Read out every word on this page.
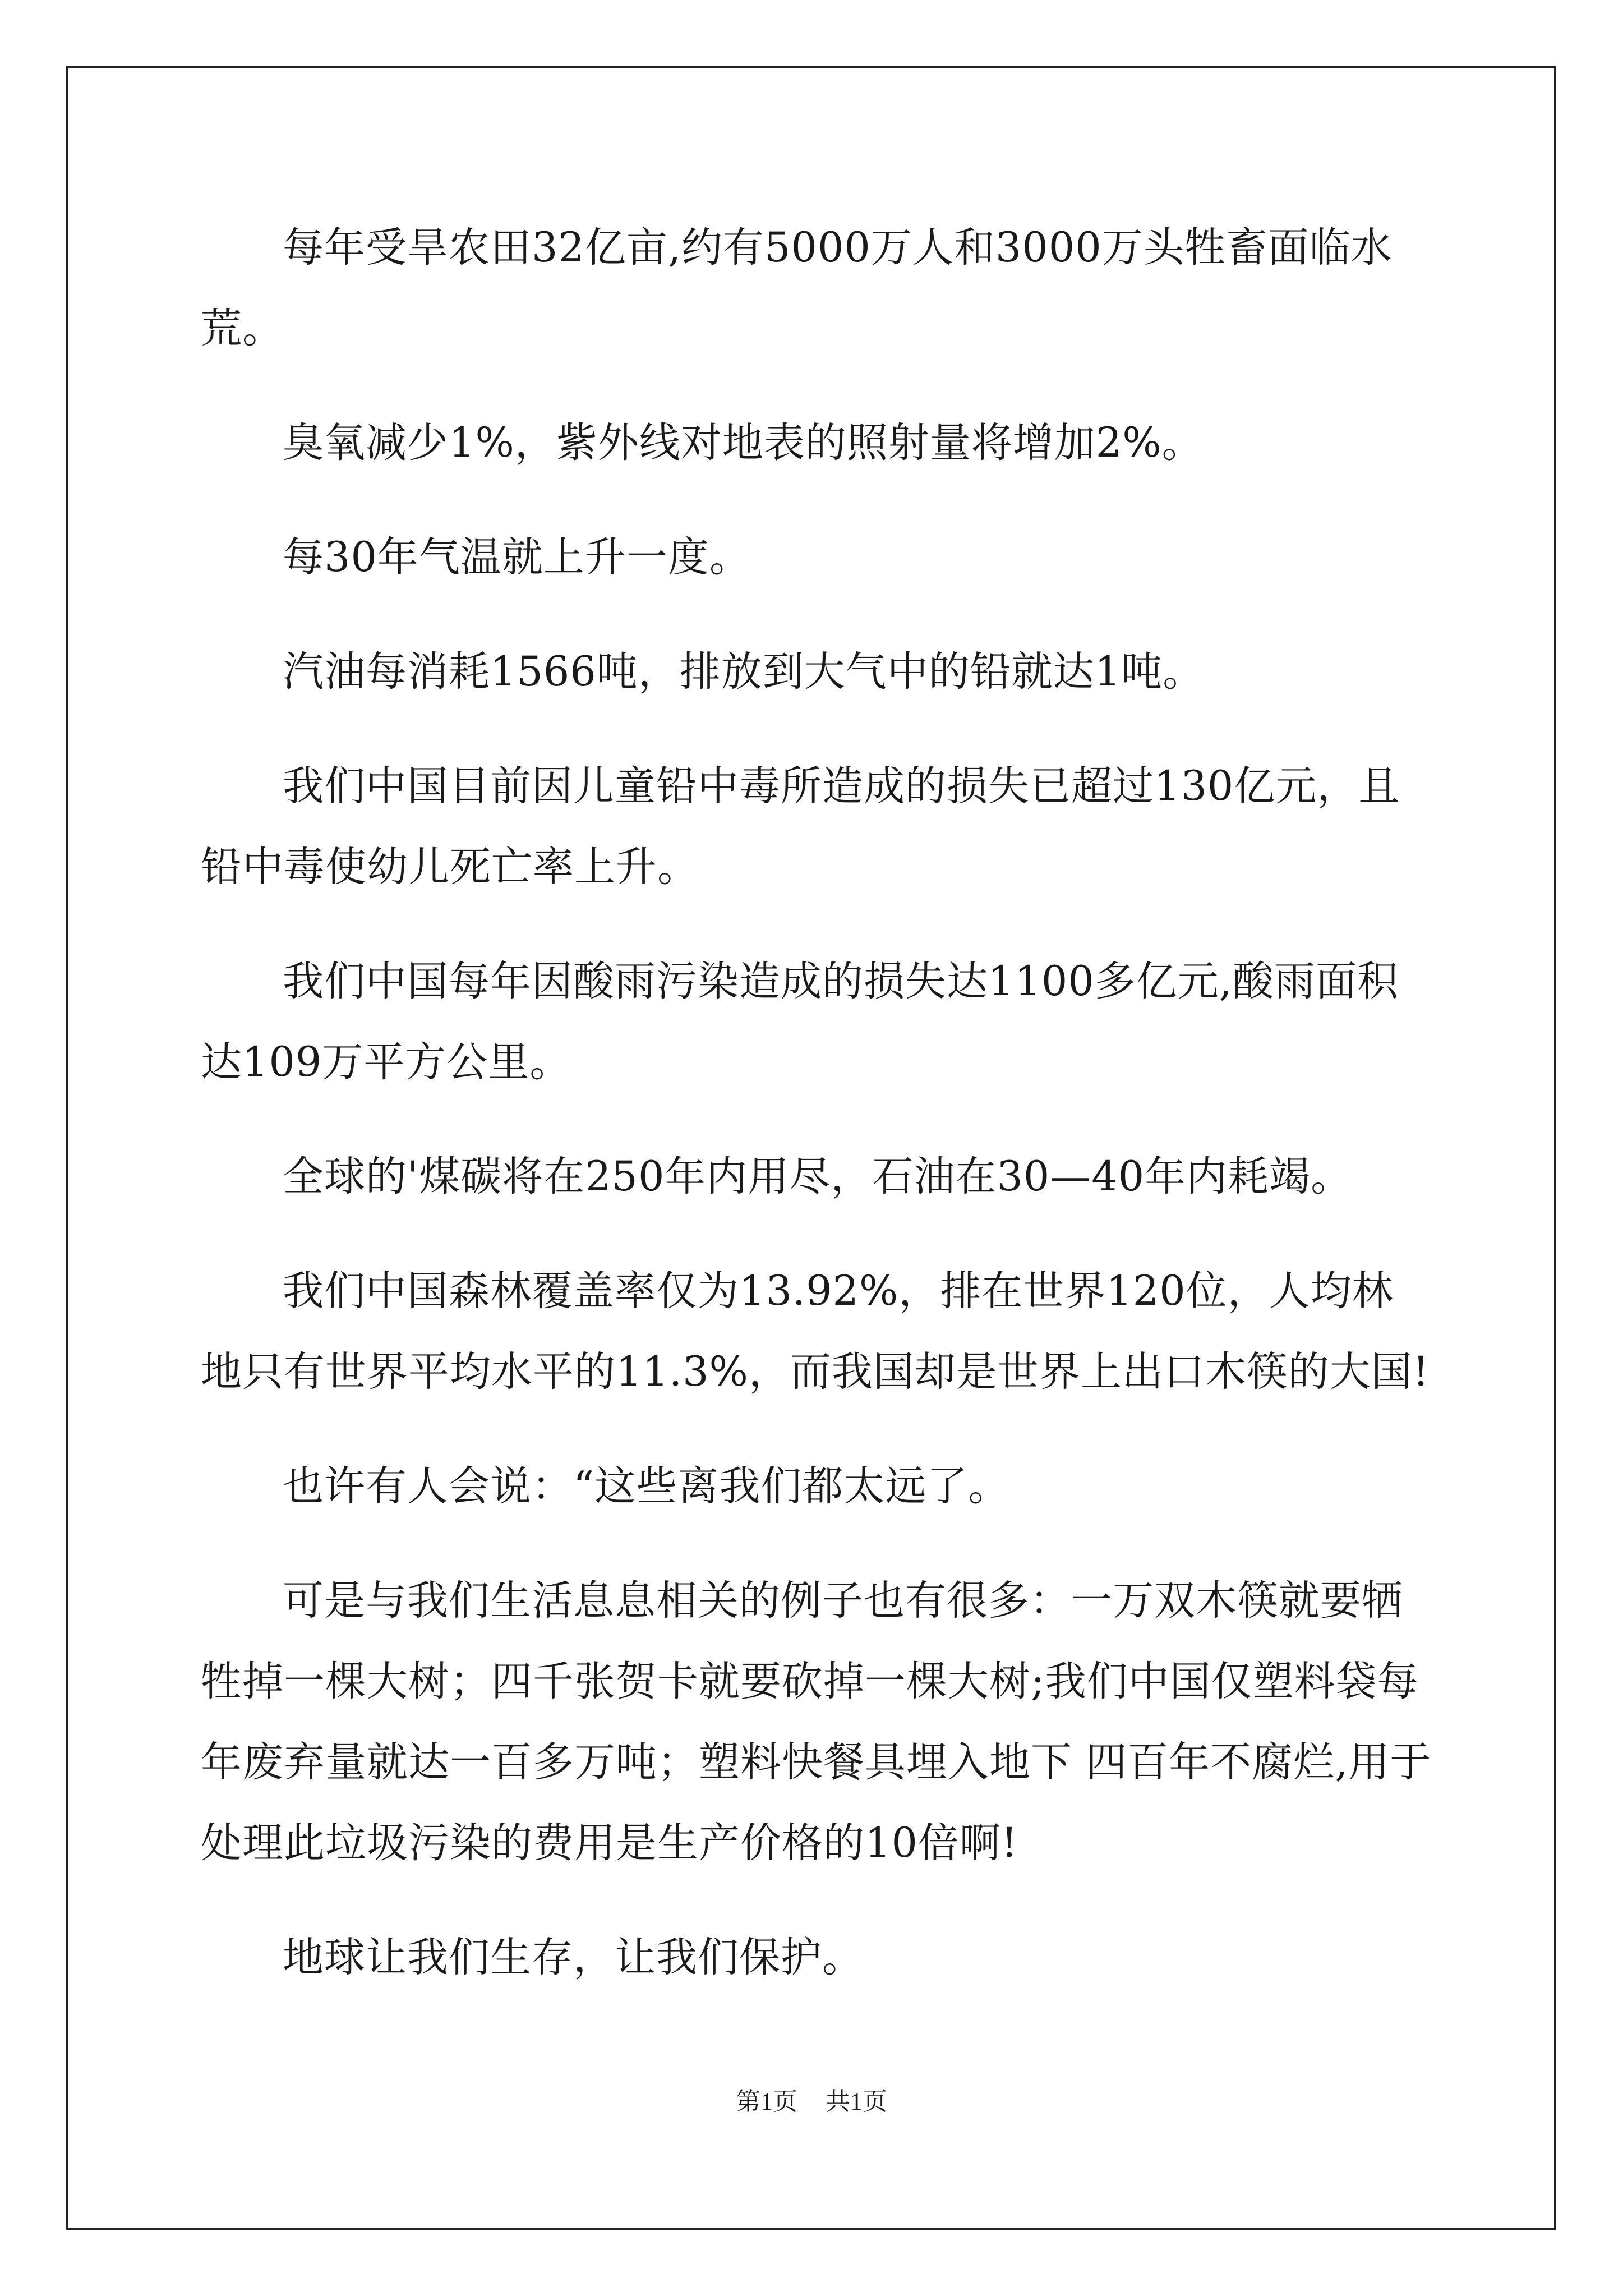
每年受旱农田32亿亩,约有5000万人和3000万头牲畜面临水荒。

臭氧减少1%，紫外线对地表的照射量将增加2%。

每30年气温就上升一度。

汽油每消耗1566吨，排放到大气中的铅就达1吨。

我们中国目前因儿童铅中毒所造成的损失已超过130亿元，且铅中毒使幼儿死亡率上升。

我们中国每年因酸雨污染造成的损失达1100多亿元,酸雨面积达109万平方公里。

全球的'煤碳将在250年内用尽，石油在30—40年内耗竭。

我们中国森林覆盖率仅为13.92%，排在世界120位，人均林地只有世界平均水平的11.3%，而我国却是世界上出口木筷的大国!

也许有人会说：“这些离我们都太远了。

可是与我们生活息息相关的例子也有很多：一万双木筷就要牺牲掉一棵大树；四千张贺卡就要砍掉一棵大树;我们中国仅塑料袋每年废弃量就达一百多万吨；塑料快餐具埋入地下 四百年不腐烂,用于处理此垃圾污染的费用是生产价格的10倍啊!

地球让我们生存，让我们保护。

第1页 共1页
